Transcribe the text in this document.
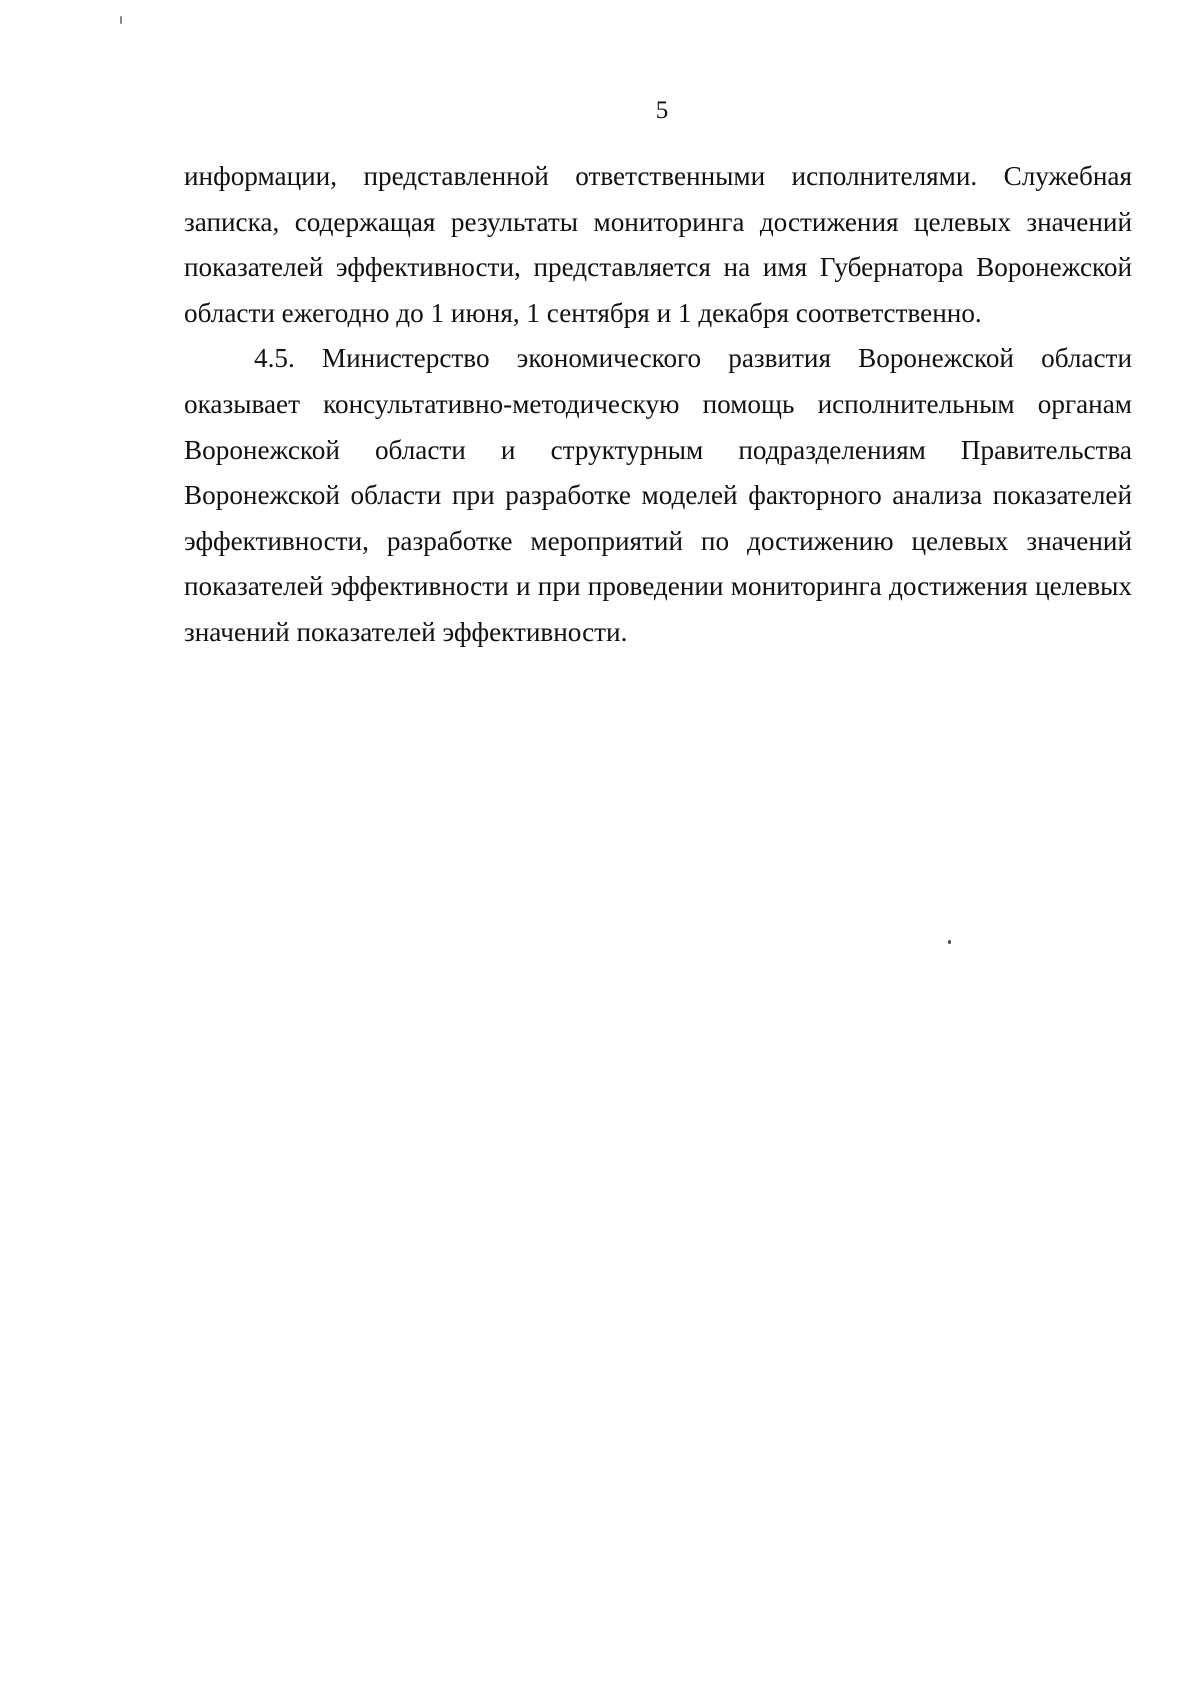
5

информации, представленной ответственными исполнителями. Служебная записка, содержащая результаты мониторинга достижения целевых значений показателей эффективности, представляется на имя Губернатора Воронежской области ежегодно до 1 июня, 1 сентября и 1 декабря соответственно.

4.5. Министерство экономического развития Воронежской области оказывает консультативно-методическую помощь исполнительным органам Воронежской области и структурным подразделениям Правительства Воронежской области при разработке моделей факторного анализа показателей эффективности, разработке мероприятий по достижению целевых значений показателей эффективности и при проведении мониторинга достижения целевых значений показателей эффективности.
